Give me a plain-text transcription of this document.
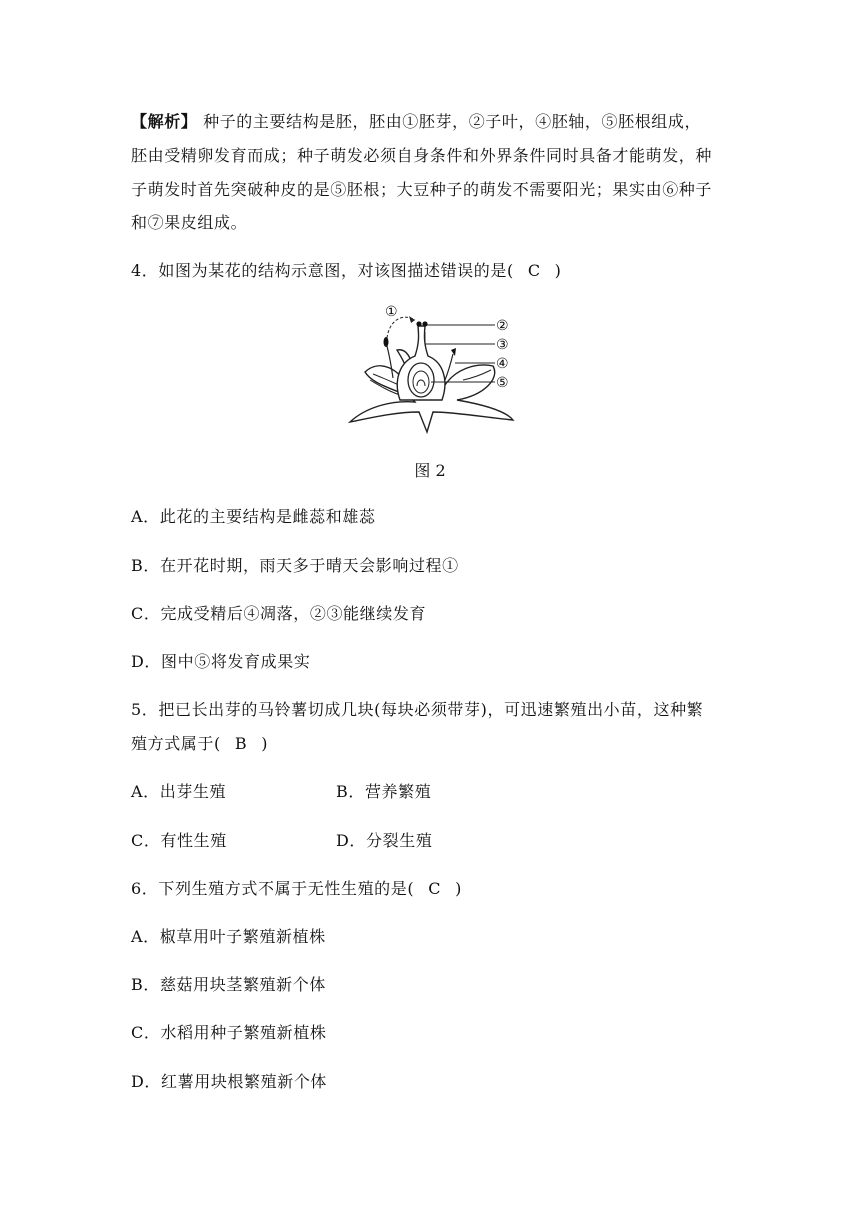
【解析】 种子的主要结构是胚，胚由①胚芽，②子叶，④胚轴，⑤胚根组成，
胚由受精卵发育而成；种子萌发必须自身条件和外界条件同时具备才能萌发，种
子萌发时首先突破种皮的是⑤胚根；大豆种子的萌发不需要阳光；果实由⑥种子
和⑦果皮组成。
4．如图为某花的结构示意图，对该图描述错误的是( C )
①
②
③
④
⑤
图 2
A．此花的主要结构是雌蕊和雄蕊
B．在开花时期，雨天多于晴天会影响过程①
C．完成受精后④凋落，②③能继续发育
D．图中⑤将发育成果实
5．把已长出芽的马铃薯切成几块(每块必须带芽)，可迅速繁殖出小苗，这种繁
殖方式属于( B )
A．出芽生殖	B．营养繁殖
C．有性生殖	D．分裂生殖
6．下列生殖方式不属于无性生殖的是( C )
A．椒草用叶子繁殖新植株
B．慈菇用块茎繁殖新个体
C．水稻用种子繁殖新植株
D．红薯用块根繁殖新个体
